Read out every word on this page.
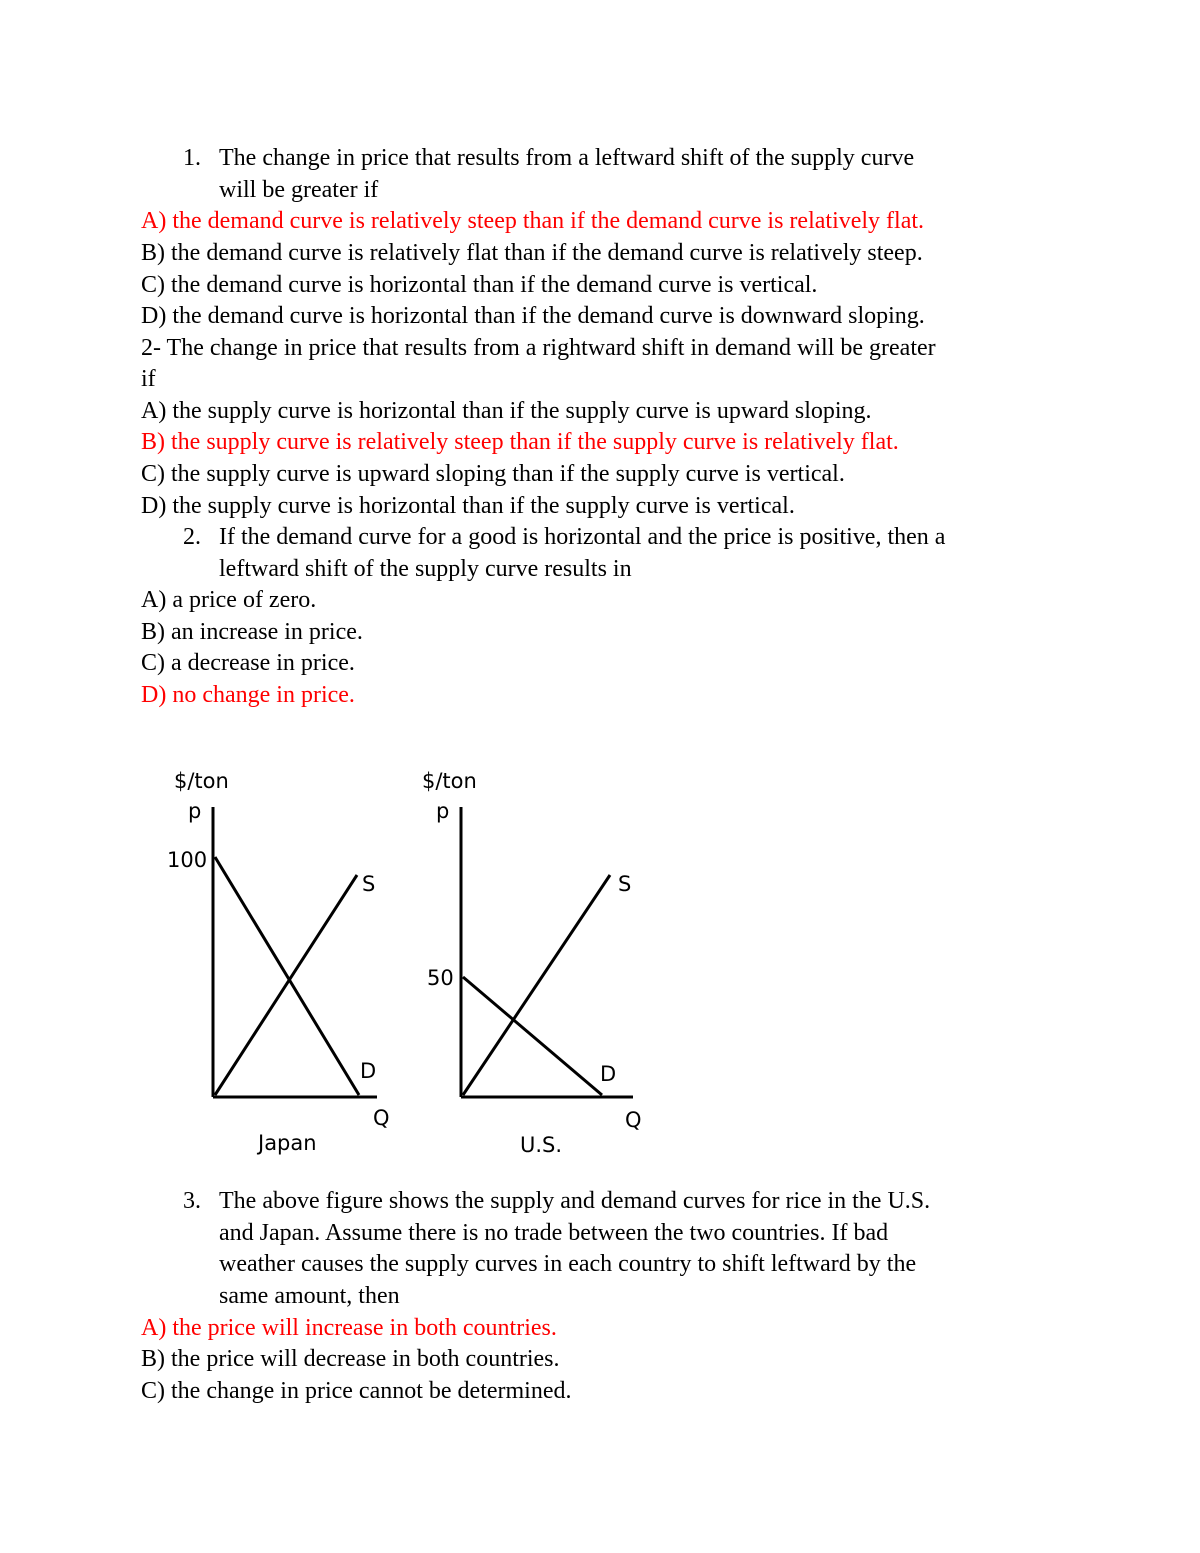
1. The change in price that results from a leftward shift of the supply curve
will be greater if
A) the demand curve is relatively steep than if the demand curve is relatively flat.
B) the demand curve is relatively flat than if the demand curve is relatively steep.
C) the demand curve is horizontal than if the demand curve is vertical.
D) the demand curve is horizontal than if the demand curve is downward sloping.
2- The change in price that results from a rightward shift in demand will be greater
if
A) the supply curve is horizontal than if the supply curve is upward sloping.
B) the supply curve is relatively steep than if the supply curve is relatively flat.
C) the supply curve is upward sloping than if the supply curve is vertical.
D) the supply curve is horizontal than if the supply curve is vertical.
2. If the demand curve for a good is horizontal and the price is positive, then a
leftward shift of the supply curve results in
A) a price of zero.
B) an increase in price.
C) a decrease in price.
D) no change in price.
$/ton
p
100
S
D
Q
Japan
$/ton
p
50
S
D
Q
U.S.
3. The above figure shows the supply and demand curves for rice in the U.S.
and Japan. Assume there is no trade between the two countries. If bad
weather causes the supply curves in each country to shift leftward by the
same amount, then
A) the price will increase in both countries.
B) the price will decrease in both countries.
C) the change in price cannot be determined.
